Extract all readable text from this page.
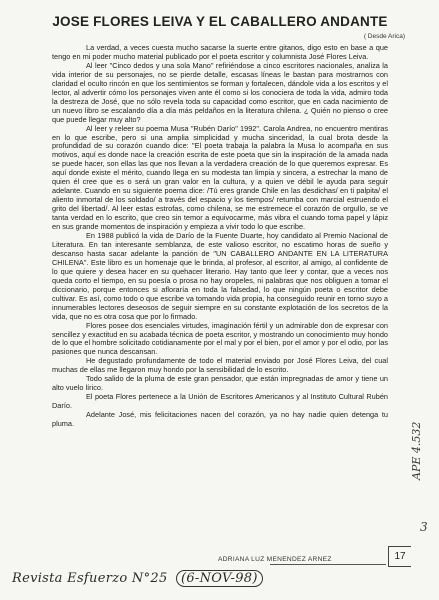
JOSE FLORES LEIVA Y EL CABALLERO ANDANTE
( Desde Arica)

La verdad, a veces cuesta mucho sacarse la suerte entre gitanos, digo esto en base a que tengo en mi poder mucho material publicado por el poeta escritor y columnista José Flores Leiva.

Al leer "Cinco dedos y una sola Mano" refiriéndose a cinco escritores nacionales, analiza la vida interior de su personajes, no se pierde detalle, escasas líneas le bastan para mostrarnos con claridad el oculto rincón en que los sentimientos se forman y fortalecen, dándole vida a los escritos y el lector, al advertir cómo los personajes viven ante él como si los conociera de toda la vida, admiro toda la destreza de José, que no sólo revela toda su capacidad como escritor, que en cada nacimiento de un nuevo libro se escalando día a día más peldaños en la literatura chilena. ¿ Quién no pienso o cree que puede llegar muy alto?

Al leer y releer su poema Musa "Rubén Darío" 1992". Carola Andrea, no encuentro mentiras en lo que escribe, pero si una amplia simplicidad y mucha sinceridad, la cual brota desde la profundidad de su corazón cuando dice: "El poeta trabaja la palabra la Musa lo acompaña en sus motivos, aquí es donde nace la creación escrita de este poeta que sin la inspiración de la amada nada se puede hacer, son ellas las que nos llevan a la verdadera creación de lo que queremos expresar. Es aquí donde existe el mérito, cuando llega en su modesta tan limpia y sincera, a estrechar la mano de quien él cree que es o será un gran valor en la cultura, y a quien ve débil le ayuda para seguir adelante. Cuando en su siguiente poema dice: /Tú eres grande Chile en las desdichas/ en ti palpita/ el aliento inmortal de los soldado/ a través del espacio y los tiempos/ retumba con marcial estruendo el grito del libertad/. Al leer estas estrofas, como chilena, se me estremece el corazón de orgullo, se ve tanta verdad en lo escrito, que creo sin temor a equivocarme, más vibra el cuando toma papel y lápiz en sus grande momentos de inspiración y empieza a vivir todo lo que escribe.

En 1988 publicó la vida de Darío de la Fuente Duarte, hoy candidato al Premio Nacional de Literatura. En tan interesante semblanza, de este valioso escritor, no escatimo horas de sueño y descanso hasta sacar adelante la panción de "UN CABALLERO ANDANTE EN LA LITERATURA CHILENA". Este libro es un homenaje que le brinda, al profesor, al escritor, al amigo, al confidente de lo que quiere y desea hacer en su quehacer literario. Hay tanto que leer y contar, que a veces nos queda corto el tiempo, en su poesía o prosa no hay oropeles, ni palabras que nos obliguen a tomar el diccionario, porque entonces si afloraría en toda la falsedad, lo que ningún poeta o escritor debe cultivar. Es así, como todo o que escribe va tomando vida propia, ha conseguido reunir en torno suyo a innumerables lectores deseosos de seguir siempre en su constante explotación de los secretos de la vida, que no es otra cosa que por lo firmado.

Flores posee dos esenciales virtudes, imaginación fértil y un admirable don de expresar con sencillez y exactitud en su acabada técnica de poeta escritor, y mostrando un conocimiento muy hondo de lo que el hombre solicitado cotidianamente por el mal y por el bien, por el amor y por el odio, por las pasiones que nunca descansan.

He degustado profundamente de todo el material enviado por José Flores Leiva, del cual muchas de ellas me llegaron muy hondo por la sensibilidad de lo escrito.

Todo salido de la pluma de este gran pensador, que están impregnadas de amor y tiene un alto vuelo lírico.

El poeta Flores pertenece a la Unión de Escritores Americanos y al Instituto Cultural Rubén Darío.

Adelante José, mis felicitaciones nacen del corazón, ya no hay nadie quien detenga tu pluma.

ADRIANA LUZ MENENDEZ ARNEZ	17
Revista Esfuerzo N°25 (6-NOV-98)
APE 4.532
3
